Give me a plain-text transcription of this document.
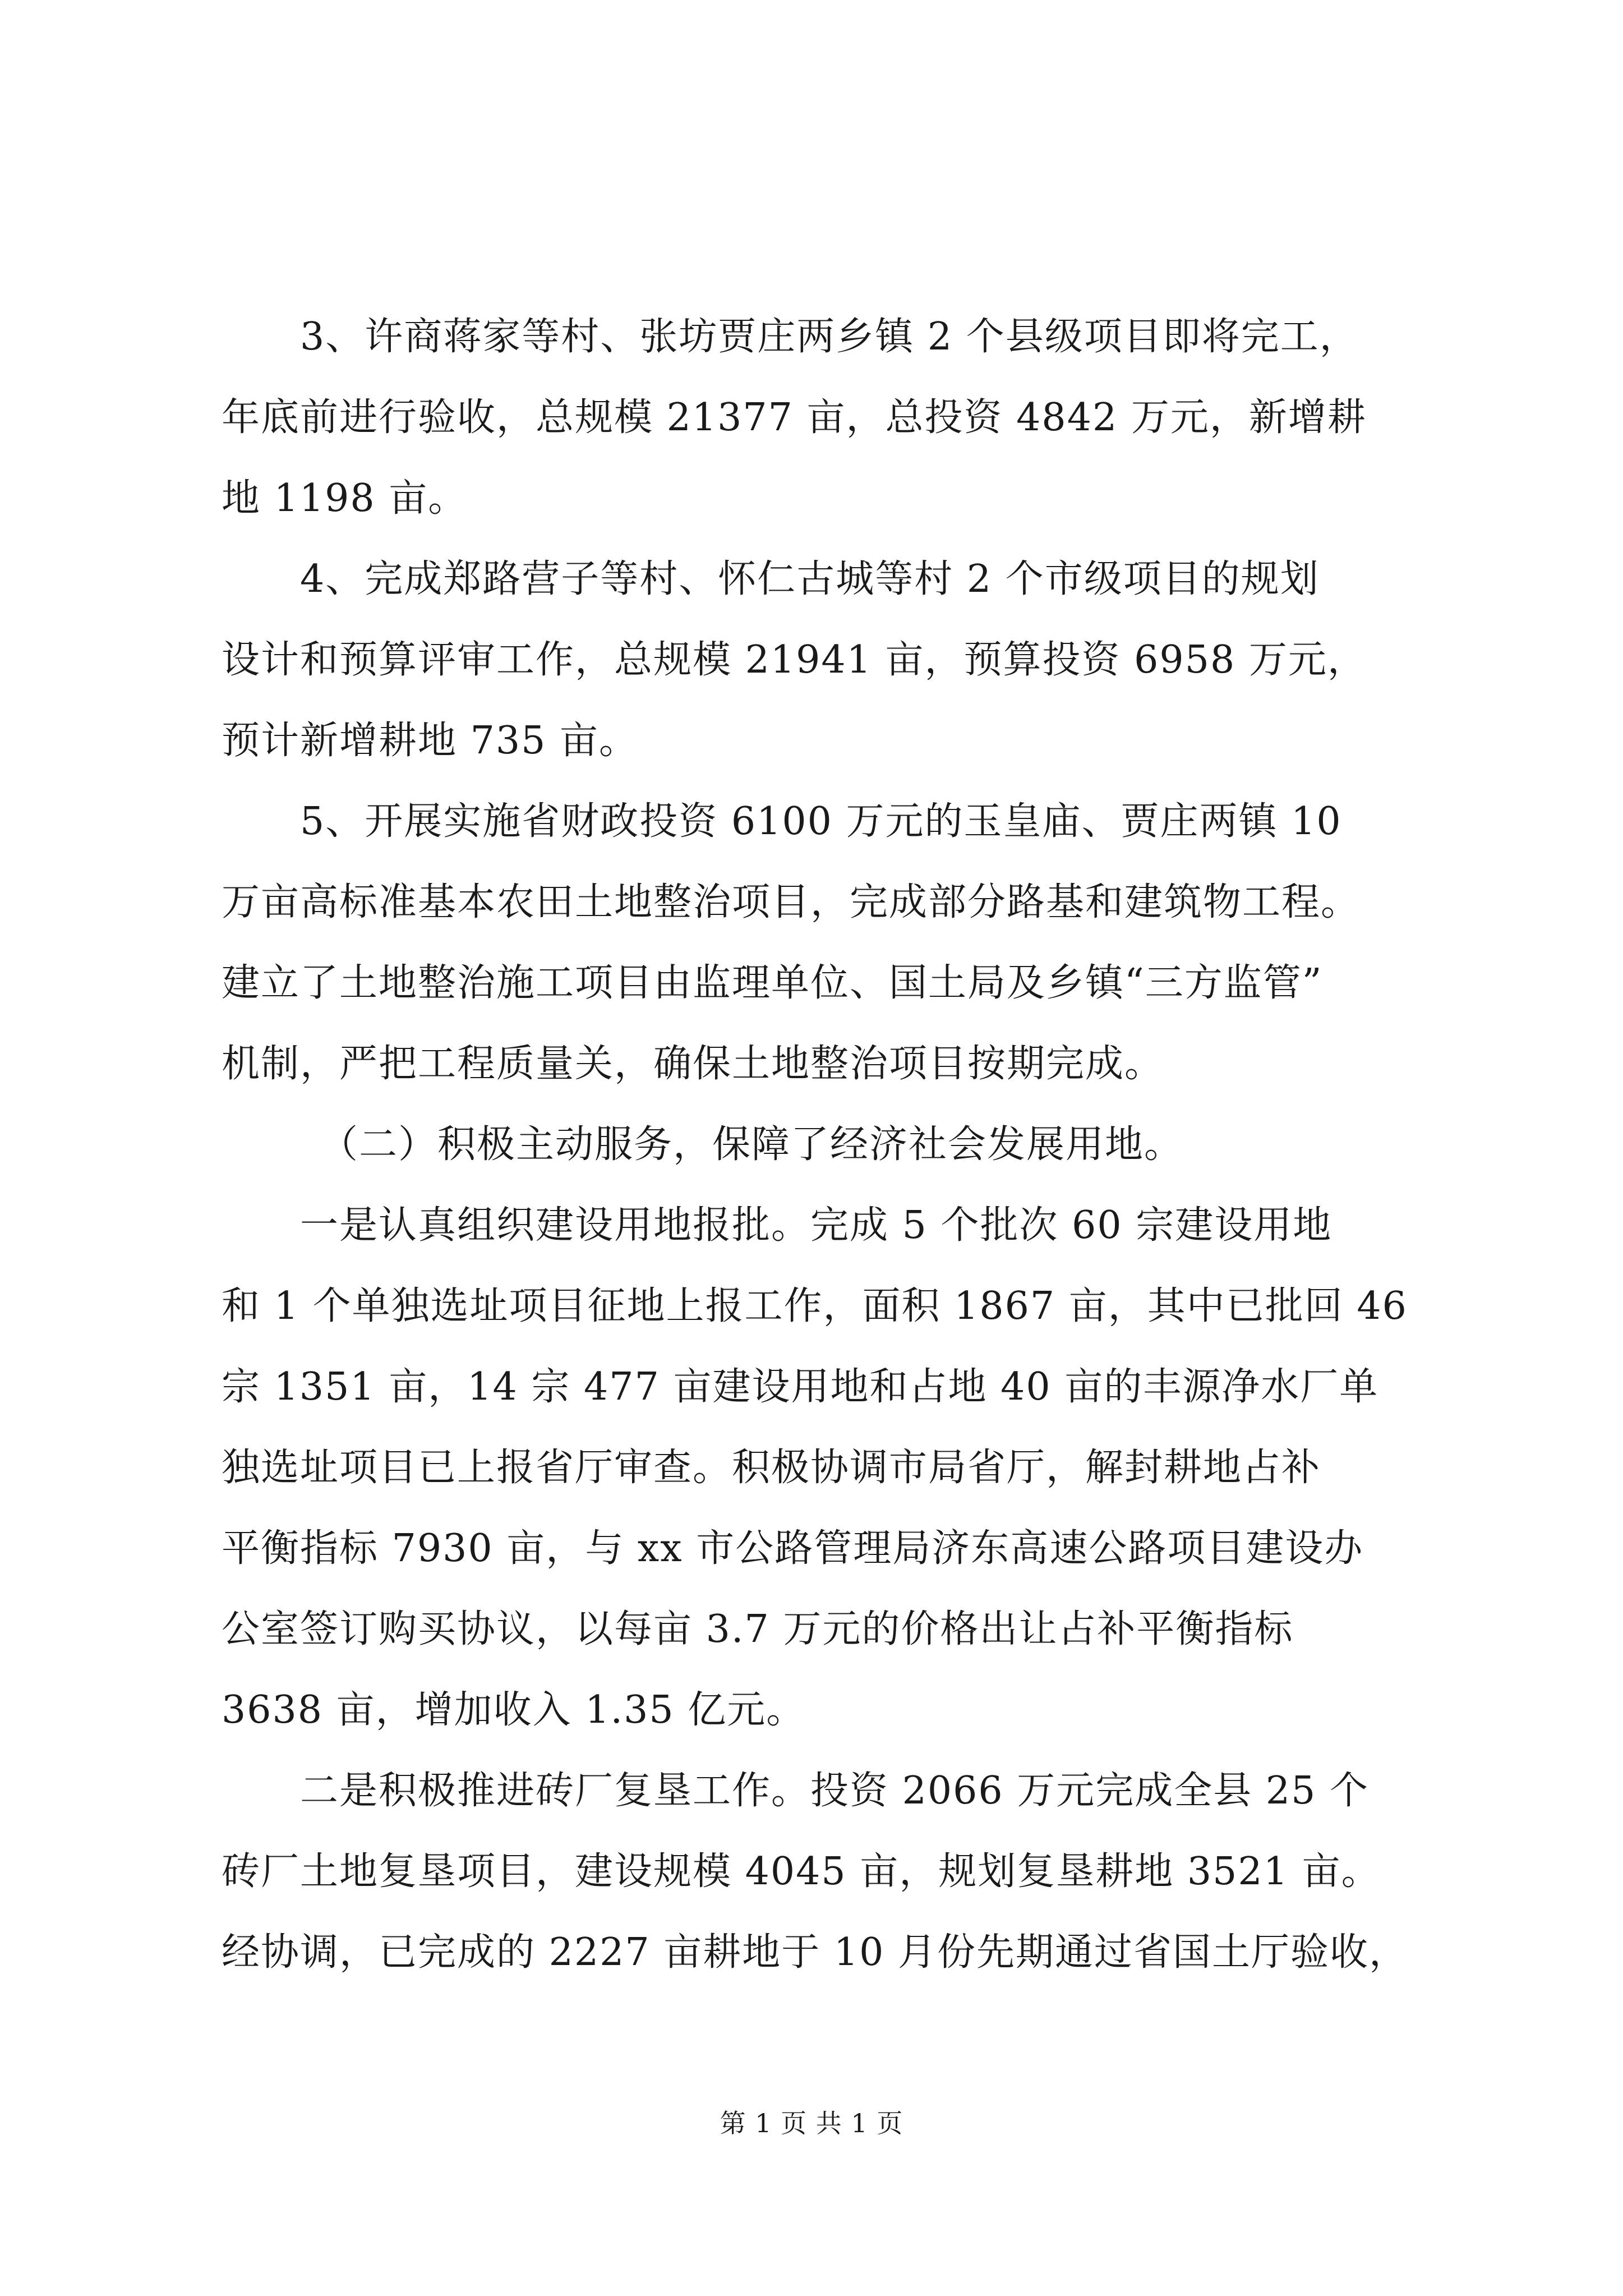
3、许商蒋家等村、张坊贾庄两乡镇 2 个县级项目即将完工，
年底前进行验收，总规模 21377 亩，总投资 4842 万元，新增耕
地 1198 亩。
4、完成郑路营子等村、怀仁古城等村 2 个市级项目的规划
设计和预算评审工作，总规模 21941 亩，预算投资 6958 万元，
预计新增耕地 735 亩。
5、开展实施省财政投资 6100 万元的玉皇庙、贾庄两镇 10
万亩高标准基本农田土地整治项目，完成部分路基和建筑物工程。
建立了土地整治施工项目由监理单位、国土局及乡镇“三方监管”
机制，严把工程质量关，确保土地整治项目按期完成。
（二）积极主动服务，保障了经济社会发展用地。
一是认真组织建设用地报批。完成 5 个批次 60 宗建设用地
和 1 个单独选址项目征地上报工作，面积 1867 亩，其中已批回 46
宗 1351 亩，14 宗 477 亩建设用地和占地 40 亩的丰源净水厂单
独选址项目已上报省厅审查。积极协调市局省厅，解封耕地占补
平衡指标 7930 亩，与 xx 市公路管理局济东高速公路项目建设办
公室签订购买协议，以每亩 3.7 万元的价格出让占补平衡指标
3638 亩，增加收入 1.35 亿元。
二是积极推进砖厂复垦工作。投资 2066 万元完成全县 25 个
砖厂土地复垦项目，建设规模 4045 亩，规划复垦耕地 3521 亩。
经协调，已完成的 2227 亩耕地于 10 月份先期通过省国土厅验收，
第 1 页 共 1 页
